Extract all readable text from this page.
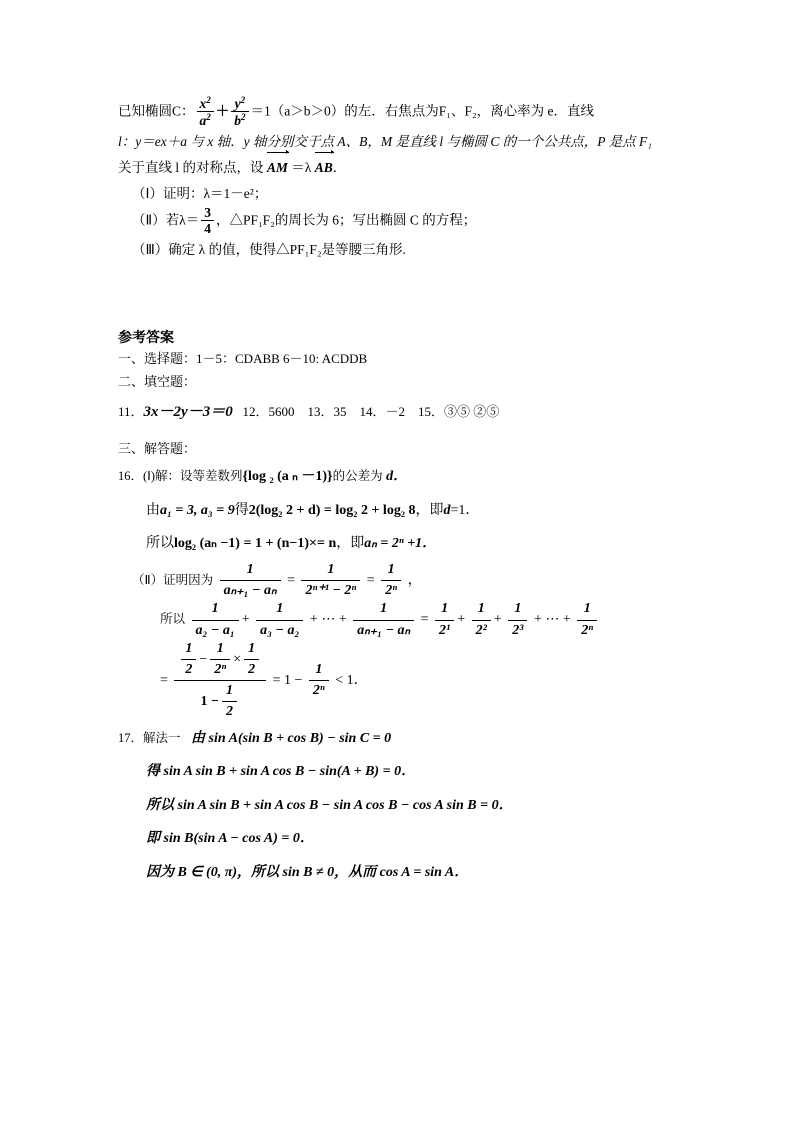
已知椭圆C： $\frac{x^2}{a^2} + \frac{y^2}{b^2} =1(a>b>0)$的左．右焦点为F₁、F₂，离心率为 e．直线
l：y＝ex＋a 与 x 轴．y 轴分别交于点 A、B，M 是直线 l 与椭圆 C 的一个公共点，P 是点 F₁
关于直线 l 的对称点，设 AM ＝λ AB．
（Ⅰ）证明：λ＝1－e²；
（Ⅱ）若$\lambda= \frac{3}{4}$ ，△PF₁F₂的周长为 6；写出椭圆 C 的方程；
（Ⅲ）确定 λ 的值，使得△PF₁F₂是等腰三角形.
参考答案
一、选择题：1－5：CDABB 6－10: ACDDB
二、填空题：
11．3x－2y－3＝0 12．5600 13．35 14．－2 15．③⑤ ②⑤
三、解答题：
16．(Ⅰ)解：设等差数列{log ₂ (a ₙ －1)}的公差为 d．
由a₁ = 3, a₃ = 9得2(log₂ 2 + d) = log₂ 2 + log₂ 8，即d=1．
所以log₂ (aₙ −1) = 1 + (n−1)×= n，即aₙ = 2ⁿ +1．
（Ⅱ）证明因为 $\frac{1}{\text{aₙ₊₁ − aₙ}} = \frac{1}{\text{2ⁿ⁺¹ − 2ⁿ}} = \frac{1}{\text{2ⁿ}}$ ，
所以 $\frac{1}{\text{a₂ − a₁}} + \frac{1}{\text{a₃ − a₂}}$ + ⋯ + $\frac{1}{\text{aₙ₊₁ − aₙ}} = \frac{1}{\text{2¹}} + \frac{1}{\text{2²}} + \frac{1}{\text{2³}}$ + ⋯ + $\frac{1}{\text{2ⁿ}}$
= $\frac{\frac{1}{2} - \frac{1}{\text{2ⁿ}} \times \frac{1}{2}}{1 - \frac{1}{2}} = 1 - \frac{1}{\text{2ⁿ}} < 1$．
17．解法一 由 sin A(sin B + cos B) − sin C = 0
得 sin A sin B + sin A cos B − sin(A + B) = 0．
所以 sin A sin B + sin A cos B − sin A cos B − cos A sin B = 0．
即 sin B(sin A − cos A) = 0．
因为 B ∈ (0, π)，所以 sin B ≠ 0，从而 cos A = sin A．
